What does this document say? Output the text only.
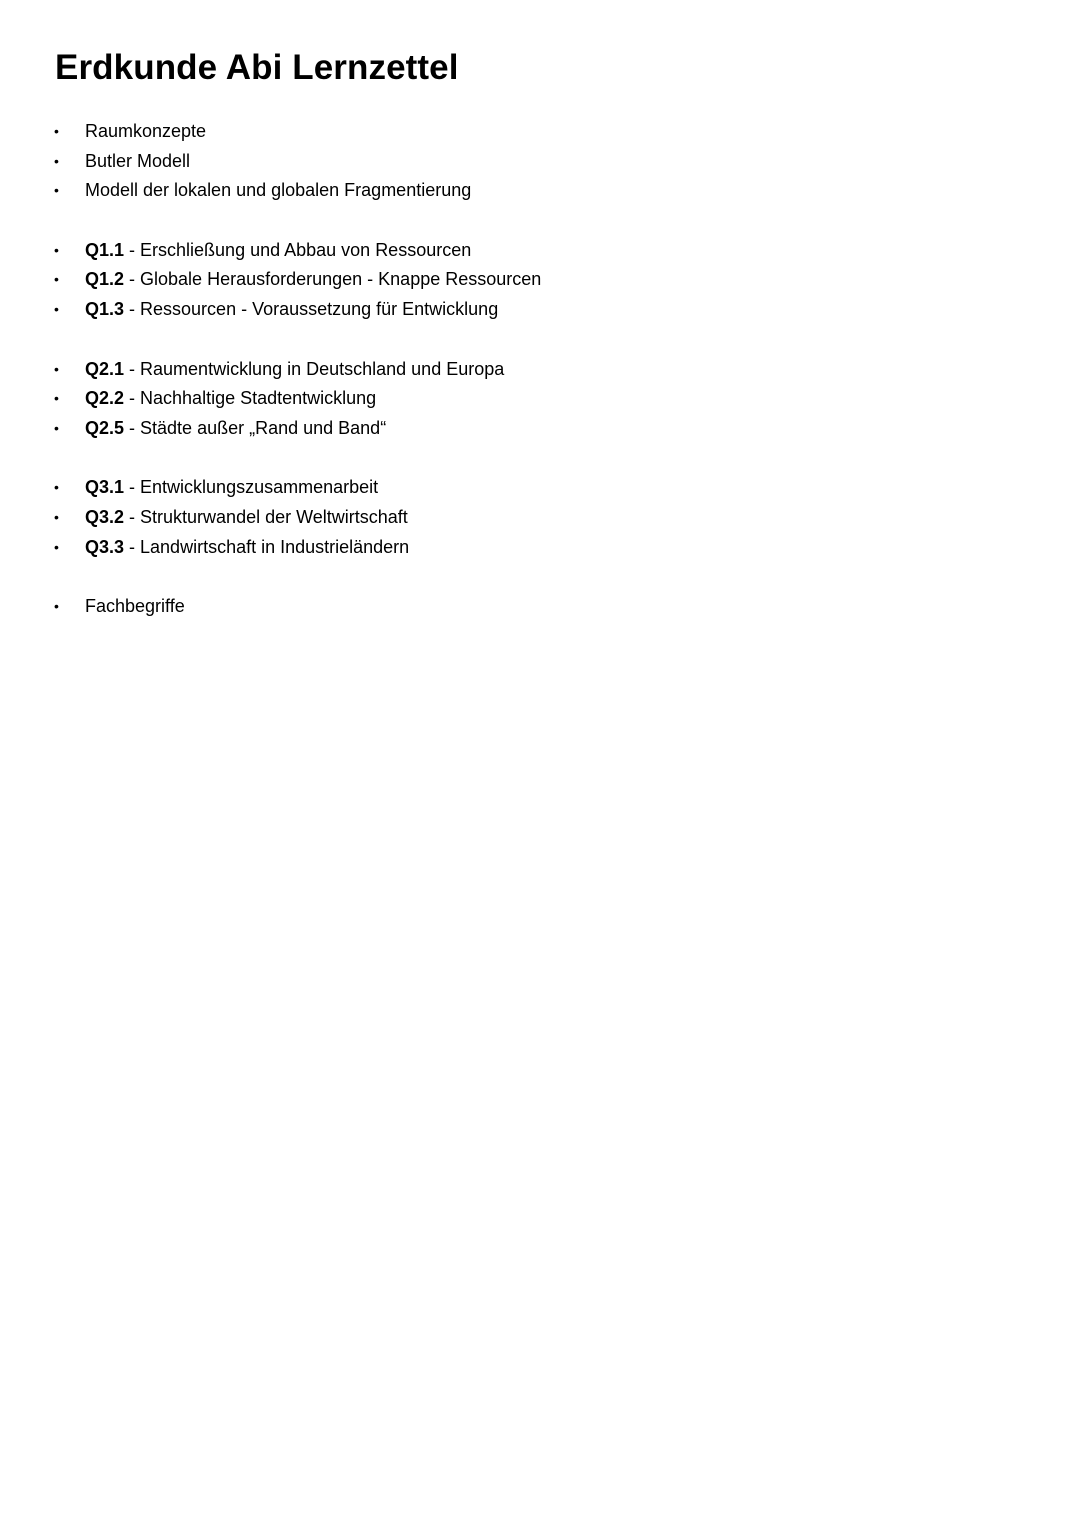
Erdkunde Abi Lernzettel
• Raumkonzepte
• Butler Modell
• Modell der lokalen und globalen Fragmentierung
• Q1.1 - Erschließung und Abbau von Ressourcen
• Q1.2 - Globale Herausforderungen - Knappe Ressourcen
• Q1.3 - Ressourcen - Voraussetzung für Entwicklung
• Q2.1 - Raumentwicklung in Deutschland und Europa
• Q2.2 - Nachhaltige Stadtentwicklung
• Q2.5 - Städte außer „Rand und Band“
• Q3.1 - Entwicklungszusammenarbeit
• Q3.2 - Strukturwandel der Weltwirtschaft
• Q3.3 - Landwirtschaft in Industrieländern
• Fachbegriffe
